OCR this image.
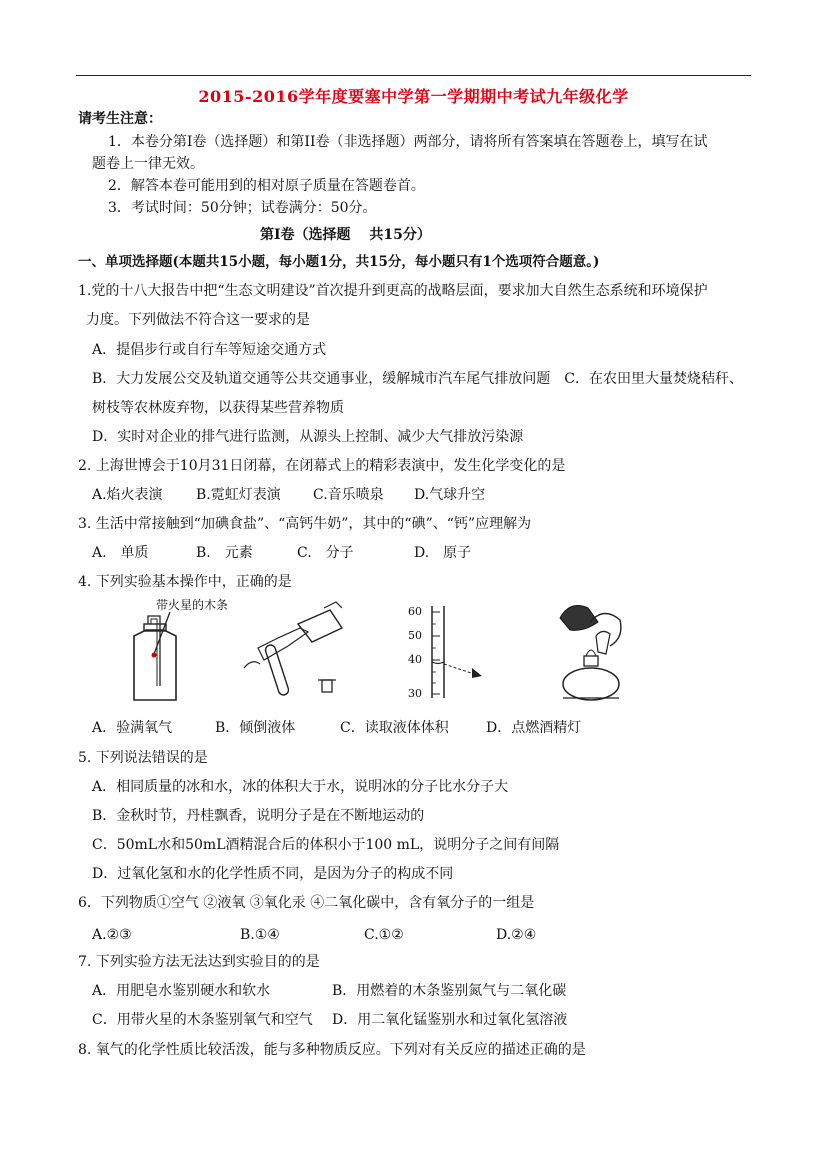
2015-2016学年度要塞中学第一学期期中考试九年级化学
请考生注意：
1．本卷分第Ⅰ卷（选择题）和第II卷（非选择题）两部分，请将所有答案填在答题卷上，填写在试
题卷上一律无效。
2．解答本卷可能用到的相对原子质量在答题卷首。
3．考试时间：50分钟；试卷满分：50分。
第Ⅰ卷（选择题　 共15分）
一、单项选择题(本题共15小题，每小题1分，共15分，每小题只有1个选项符合题意。)
1.党的十八大报告中把“生态文明建设”首次提升到更高的战略层面，要求加大自然生态系统和环境保护
力度。下列做法不符合这一要求的是
A．提倡步行或自行车等短途交通方式
B．大力发展公交及轨道交通等公共交通事业，缓解城市汽车尾气排放问题　C．在农田里大量焚烧秸秆、
树枝等农林废弃物，以获得某些营养物质
D．实时对企业的排气进行监测，从源头上控制、减少大气排放污染源
2. 上海世博会于10月31日闭幕，在闭幕式上的精彩表演中，发生化学变化的是
A.焰火表演 B.霓虹灯表演 C.音乐喷泉 D.气球升空
3. 生活中常接触到“加碘食盐”、“高钙牛奶”，其中的“碘”、“钙”应理解为
A.　单质	B.　元素	C.　分子	D.　原子
4. 下列实验基本操作中，正确的是
带火星的木条	60
50
40
30
A．验满氧气	B．倾倒液体	C．读取液体体积	D．点燃酒精灯
5. 下列说法错误的是
A．相同质量的冰和水，冰的体积大于水，说明冰的分子比水分子大
B．金秋时节，丹桂飘香，说明分子是在不断地运动的
C．50mL水和50mL酒精混合后的体积小于100 mL，说明分子之间有间隔
D．过氧化氢和水的化学性质不同，是因为分子的构成不同
6．下列物质①空气 ②液氧 ③氧化汞 ④二氧化碳中，含有氧分子的一组是
A.②③	B.①④	C.①②	D.②④
7. 下列实验方法无法达到实验目的的是
A．用肥皂水鉴别硬水和软水	B．用燃着的木条鉴别氮气与二氧化碳
C．用带火星的木条鉴别氧气和空气 D．用二氧化锰鉴别水和过氧化氢溶液
8. 氧气的化学性质比较活泼，能与多种物质反应。下列对有关反应的描述正确的是
